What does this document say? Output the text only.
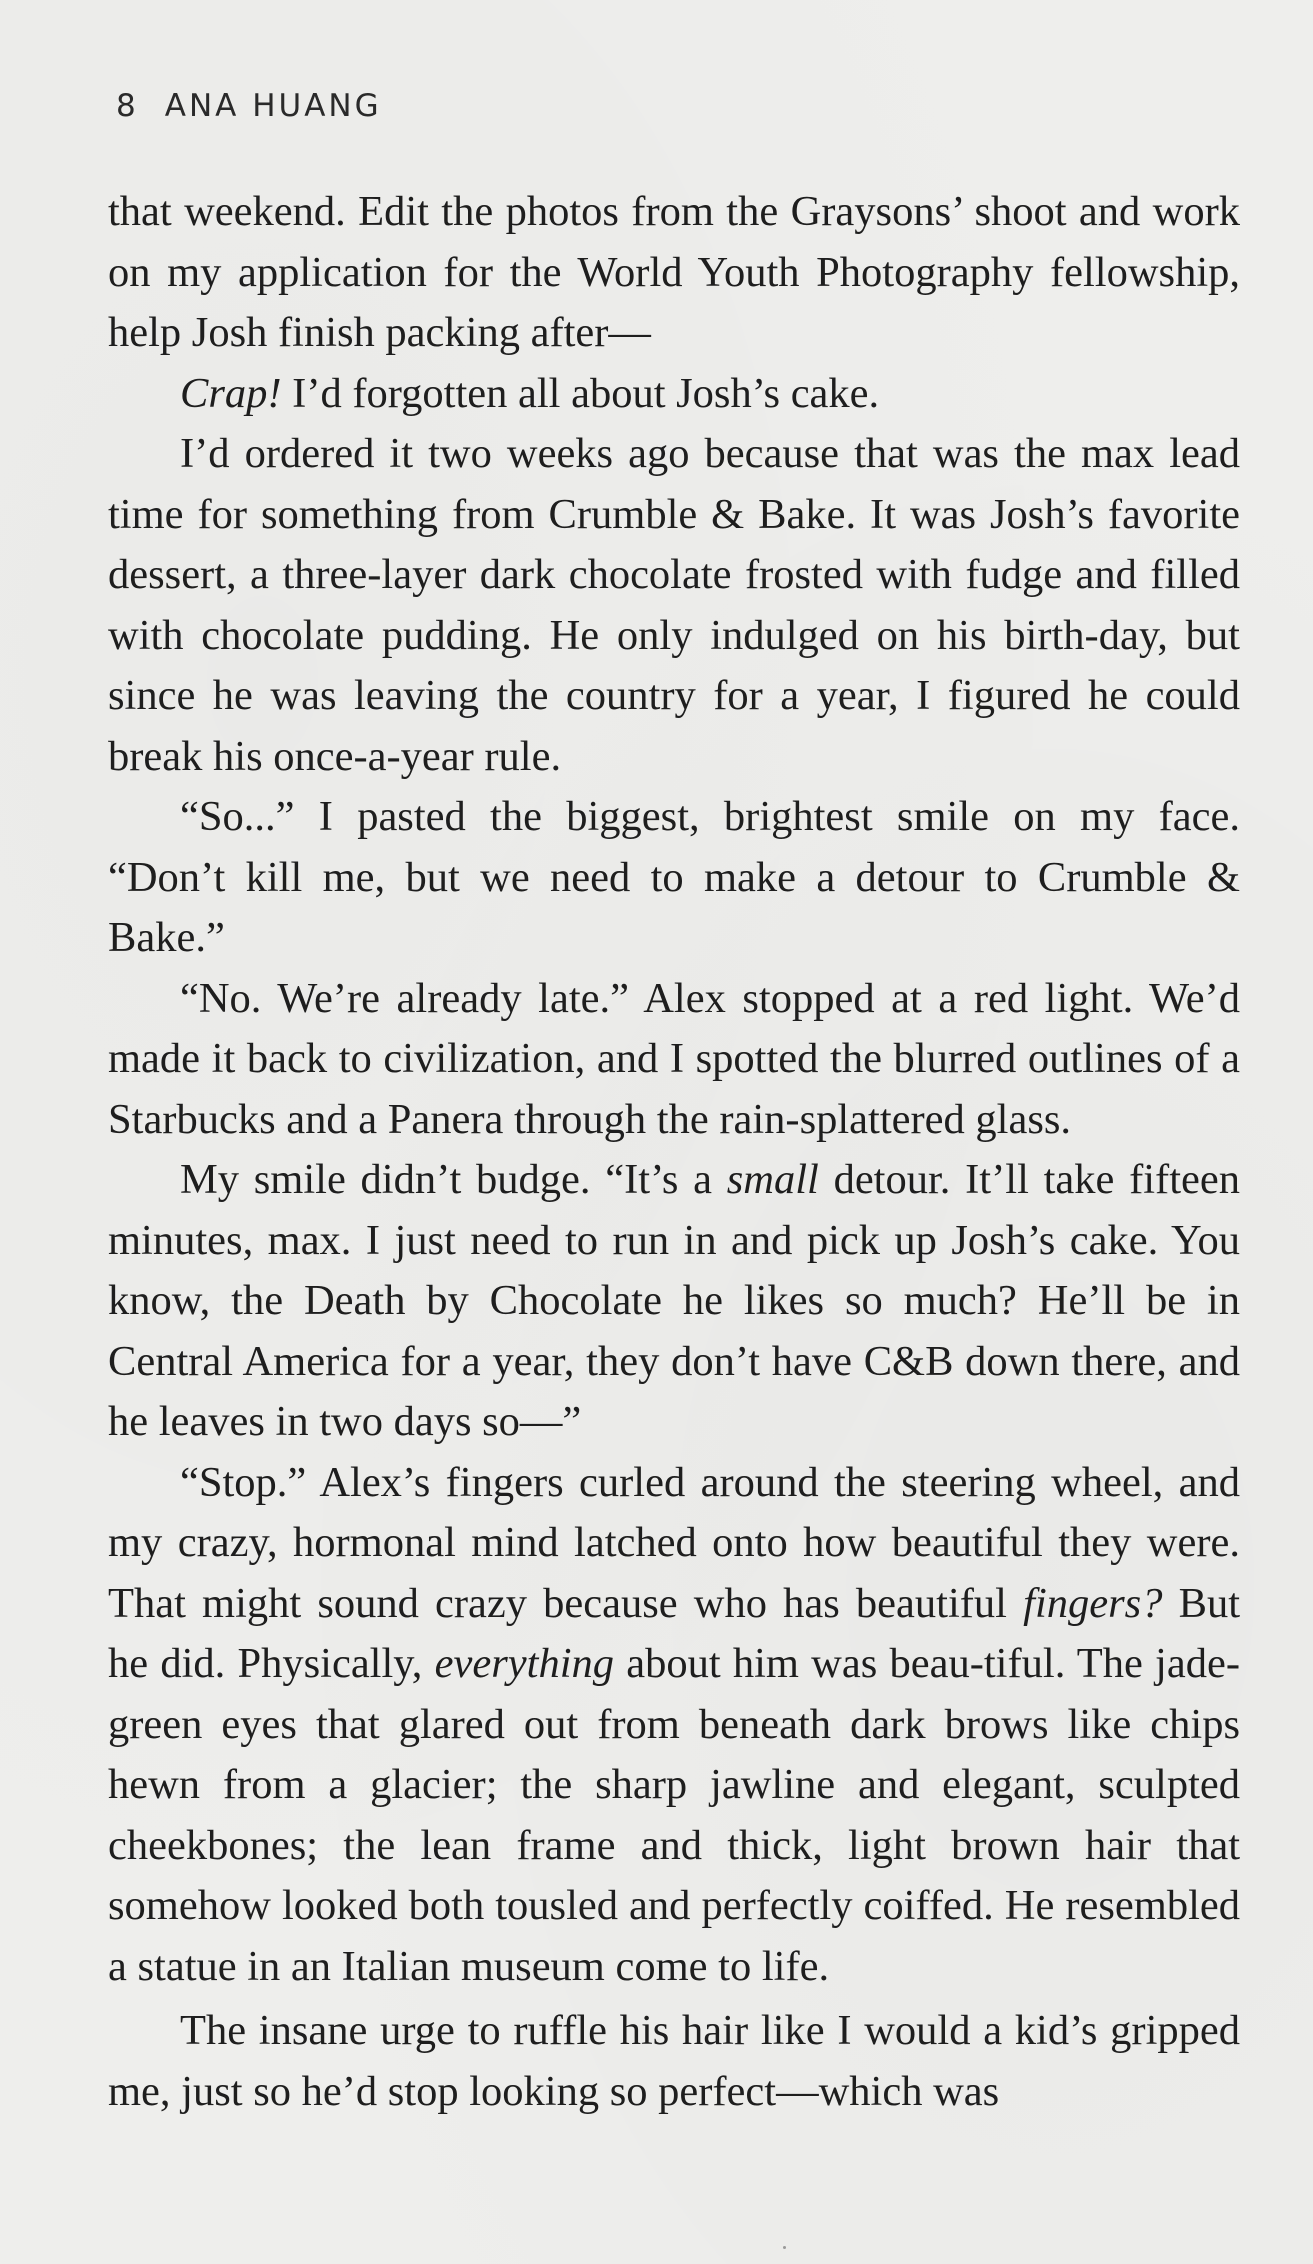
8 ANA HUANG

that weekend. Edit the photos from the Graysons’ shoot and work on my application for the World Youth Photography fellowship, help Josh finish packing after—

Crap! I’d forgotten all about Josh’s cake.

I’d ordered it two weeks ago because that was the max lead time for something from Crumble & Bake. It was Josh’s favorite dessert, a three-layer dark chocolate frosted with fudge and filled with chocolate pudding. He only indulged on his birth-day, but since he was leaving the country for a year, I figured he could break his once-a-year rule.

“So...” I pasted the biggest, brightest smile on my face. “Don’t kill me, but we need to make a detour to Crumble & Bake.”

“No. We’re already late.” Alex stopped at a red light. We’d made it back to civilization, and I spotted the blurred outlines of a Starbucks and a Panera through the rain-splattered glass.

My smile didn’t budge. “It’s a small detour. It’ll take fifteen minutes, max. I just need to run in and pick up Josh’s cake. You know, the Death by Chocolate he likes so much? He’ll be in Central America for a year, they don’t have C&B down there, and he leaves in two days so—”

“Stop.” Alex’s fingers curled around the steering wheel, and my crazy, hormonal mind latched onto how beautiful they were. That might sound crazy because who has beautiful fingers? But he did. Physically, everything about him was beau-tiful. The jade-green eyes that glared out from beneath dark brows like chips hewn from a glacier; the sharp jawline and elegant, sculpted cheekbones; the lean frame and thick, light brown hair that somehow looked both tousled and perfectly coiffed. He resembled a statue in an Italian museum come to life.

The insane urge to ruffle his hair like I would a kid’s gripped me, just so he’d stop looking so perfect—which was
